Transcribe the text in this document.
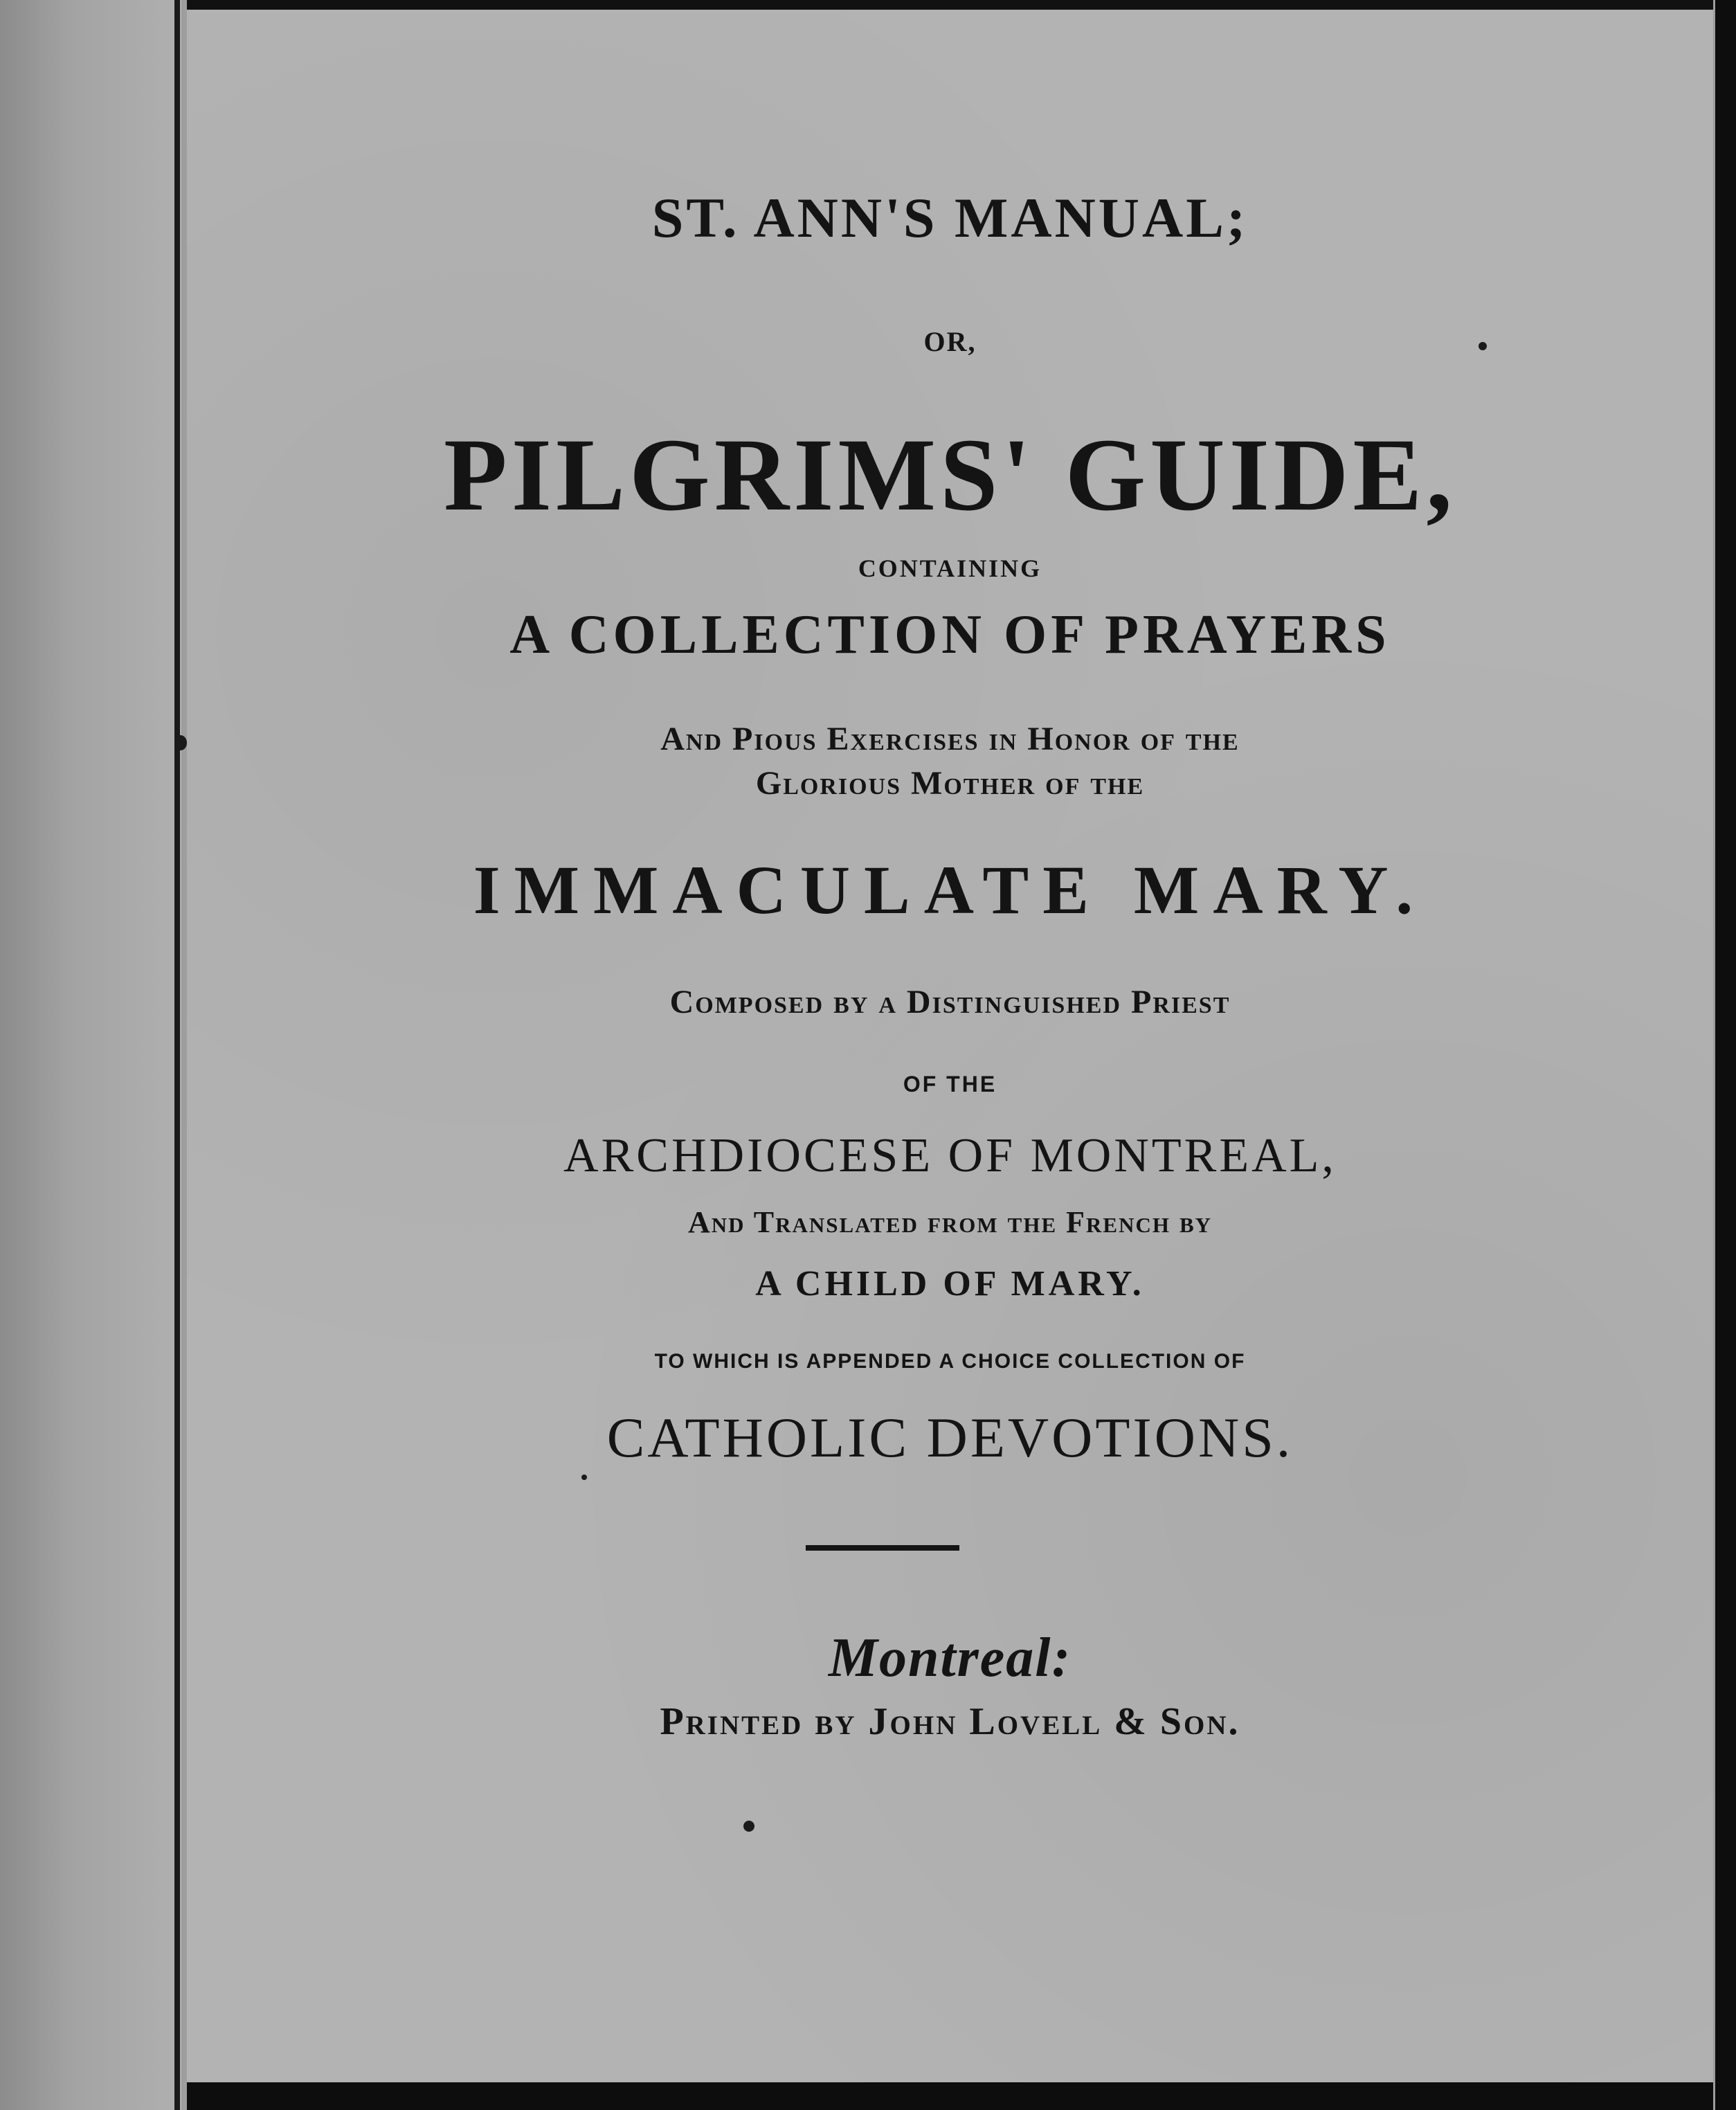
ST. ANN'S MANUAL;
OR,
PILGRIMS' GUIDE,
CONTAINING
A COLLECTION OF PRAYERS
And Pious Exercises in Honor of the
Glorious Mother of the
IMMACULATE MARY.
Composed by a Distinguished Priest
OF THE
ARCHDIOCESE OF MONTREAL,
And Translated from the French by
A CHILD OF MARY.
TO WHICH IS APPENDED A CHOICE COLLECTION OF
CATHOLIC DEVOTIONS.
Montreal:
Printed by John Lovell & Son.
